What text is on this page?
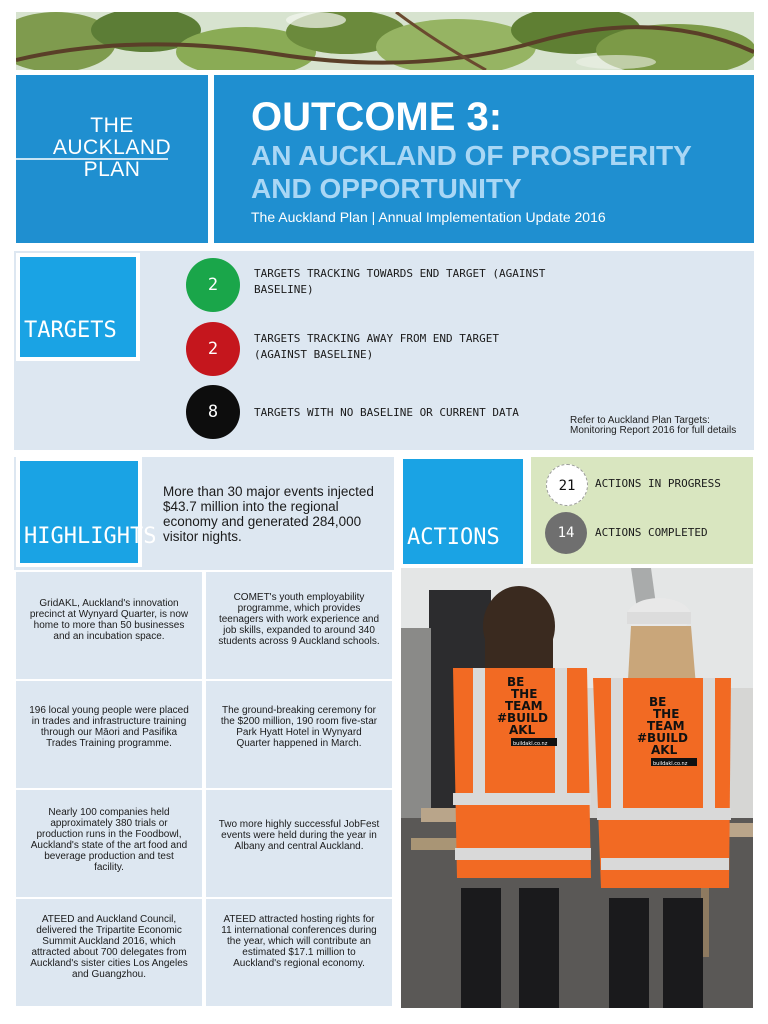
THE
AUCKLAND
PLAN
OUTCOME 3:
AN AUCKLAND OF PROSPERITY AND OPPORTUNITY
The Auckland Plan | Annual Implementation Update 2016
TARGETS
2
TARGETS TRACKING TOWARDS END TARGET (AGAINST BASELINE)
2
TARGETS TRACKING AWAY FROM END TARGET (AGAINST BASELINE)
8	TARGETS WITH NO BASELINE OR CURRENT DATA
Refer to Auckland Plan Targets: Monitoring Report 2016 for full details
HIGHLIGHTS
More than 30 major events injected $43.7 million into the regional economy and generated 284,000 visitor nights.
GridAKL, Auckland's innovation precinct at Wynyard Quarter, is now home to more than 50 businesses and an incubation space.
COMET's youth employability programme, which provides teenagers with work experience and job skills, expanded to around 340 students across 9 Auckland schools.
196 local young people were placed in trades and infrastructure training through our Māori and Pasifika Trades Training programme.
The ground-breaking ceremony for the $200 million, 190 room five-star Park Hyatt Hotel in Wynyard Quarter happened in March.
Nearly 100 companies held approximately 380 trials or production runs in the Foodbowl, Auckland's state of the art food and beverage production and test facility.
Two more highly successful JobFest events were held during the year in Albany and central Auckland.
ATEED and Auckland Council, delivered the Tripartite Economic Summit Auckland 2016, which attracted about 700 delegates from Auckland's sister cities Los Angeles and Guangzhou.
ATEED attracted hosting rights for 11 international conferences during the year, which will contribute an estimated $17.1 million to Auckland's regional economy.
ACTIONS
21	ACTIONS IN PROGRESS
14	ACTIONS COMPLETED
BE
THE
TEAM
#BUILD
AKL
buildakl.co.nz
BE
THE
TEAM
#BUILD
AKL
buildakl.co.nz
